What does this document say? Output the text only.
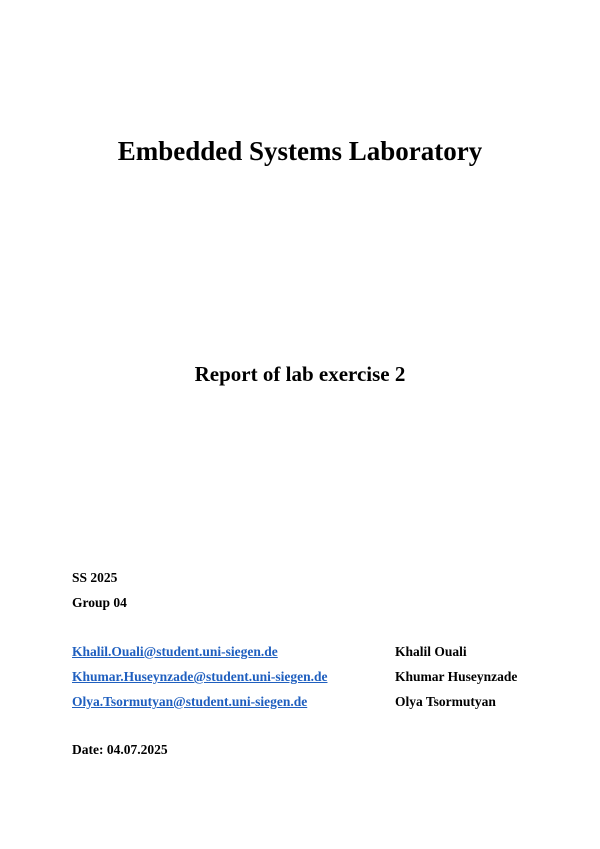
Embedded Systems Laboratory
Report of lab exercise 2
SS 2025
Group 04
Khalil.Ouali@student.uni-siegen.de	Khalil Ouali
Khumar.Huseynzade@student.uni-siegen.de	Khumar Huseynzade
Olya.Tsormutyan@student.uni-siegen.de	Olya Tsormutyan
Date: 04.07.2025
